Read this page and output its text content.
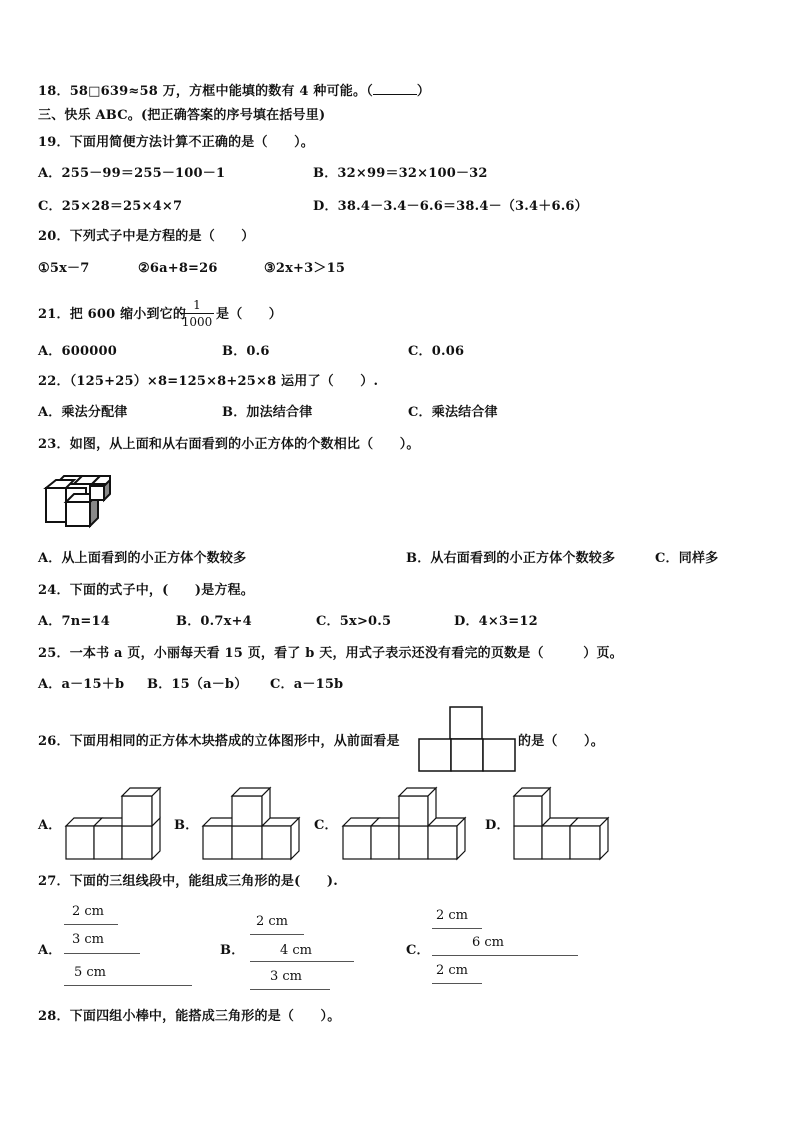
18．58□639≈58 万，方框中能填的数有 4 种可能。（	）
三、快乐 ABC。(把正确答案的序号填在括号里)
19．下面用简便方法计算不正确的是（　　）。
A．255－99＝255－100－1	B．32×99＝32×100－32
C．25×28＝25×4×7	D．38.4－3.4－6.6＝38.4－（3.4＋6.6）
20．下列式子中是方程的是（　　）
①5x－7	②6a+8=26	③2x+3＞15
21．把 600 缩小到它的
$\frac{1}{1000}$ 是（　　）
A．600000	B．0.6	C．0.06
22．（125+25）×8=125×8+25×8 运用了（　　）.
A．乘法分配律	B．加法结合律	C．乘法结合律
23．如图，从上面和从右面看到的小正方体的个数相比（　　）。
A．从上面看到的小正方体个数较多	B．从右面看到的小正方体个数较多	C．同样多
24．下面的式子中，(　　)是方程。
A．7n=14	B．0.7x+4	C．5x>0.5	D．4×3=12
25．一本书 a 页，小丽每天看 15 页，看了 b 天，用式子表示还没有看完的页数是（　　　）页。
A．a－15＋b B．15（a－b） C．a－15b
26．下面用相同的正方体木块搭成的立体图形中，从前面看是	的是（　　）。
A．	B．	C．	D．
27．下面的三组线段中，能组成三角形的是(　　).
A．
2 cm
3 cm
5 cm
B．
2 cm
4 cm
3 cm
C．
2 cm
6 cm
2 cm
28．下面四组小棒中，能搭成三角形的是（　　）。
